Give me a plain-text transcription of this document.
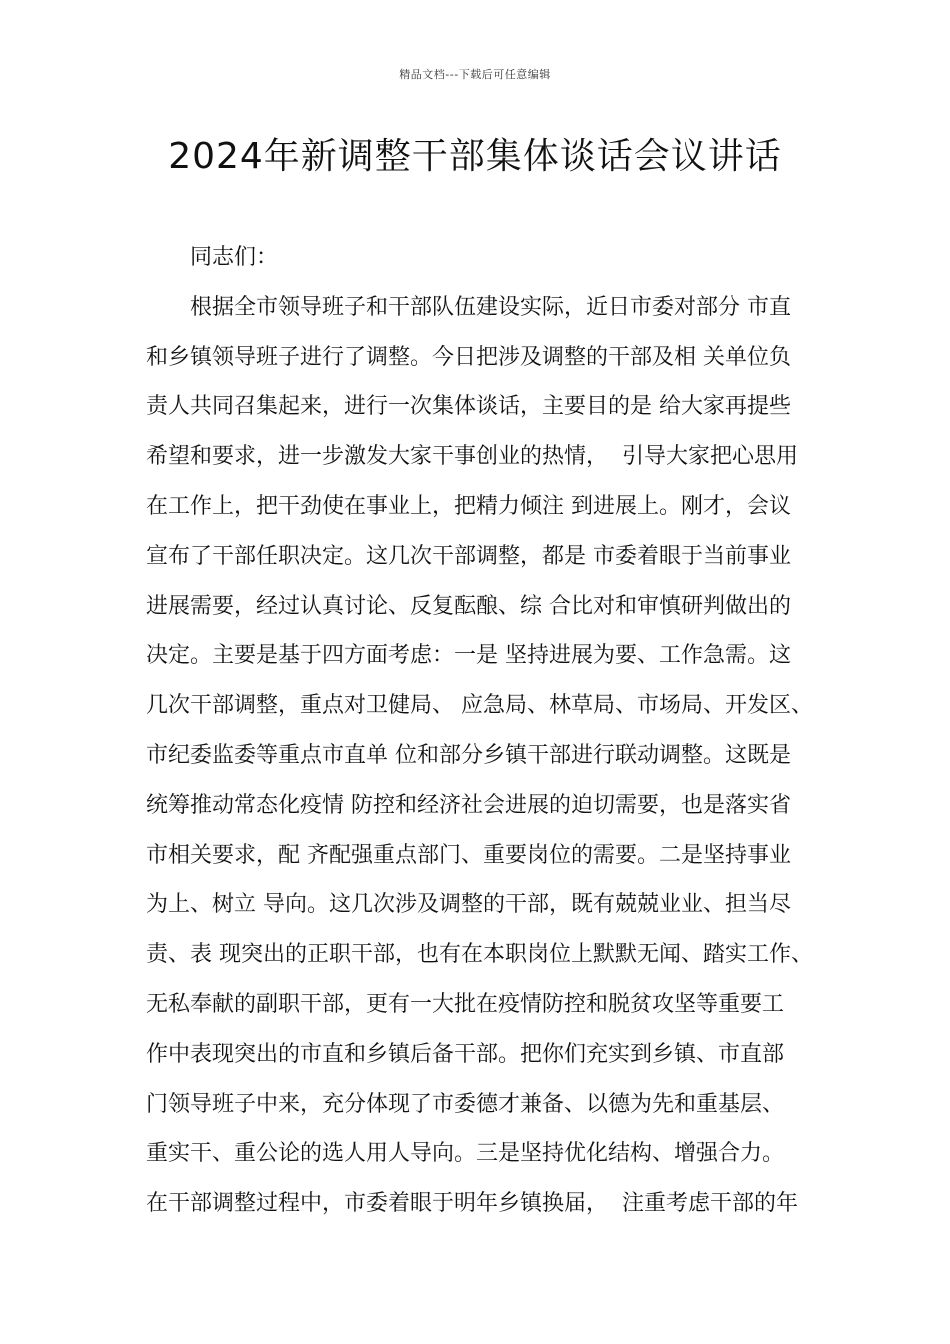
精品文档---下载后可任意编辑
2024年新调整干部集体谈话会议讲话
同志们：
根据全市领导班子和干部队伍建设实际，近日市委对部分 市直
和乡镇领导班子进行了调整。今日把涉及调整的干部及相 关单位负
责人共同召集起来，进行一次集体谈话，主要目的是 给大家再提些
希望和要求，进一步激发大家干事创业的热情，  引导大家把心思用
在工作上，把干劲使在事业上，把精力倾注 到进展上。刚才，会议
宣布了干部任职决定。这几次干部调整，都是 市委着眼于当前事业
进展需要，经过认真讨论、反复酝酿、综 合比对和审慎研判做出的
决定。主要是基于四方面考虑：一是 坚持进展为要、工作急需。这
几次干部调整，重点对卫健局、 应急局、林草局、市场局、开发区、
市纪委监委等重点市直单 位和部分乡镇干部进行联动调整。这既是
统筹推动常态化疫情 防控和经济社会进展的迫切需要，也是落实省
市相关要求，配 齐配强重点部门、重要岗位的需要。二是坚持事业
为上、树立 导向。这几次涉及调整的干部，既有兢兢业业、担当尽
责、表 现突出的正职干部，也有在本职岗位上默默无闻、踏实工作、
无私奉献的副职干部，更有一大批在疫情防控和脱贫攻坚等重要工
作中表现突出的市直和乡镇后备干部。把你们充实到乡镇、市直部
门领导班子中来，充分体现了市委德才兼备、以德为先和重基层、
重实干、重公论的选人用人导向。三是坚持优化结构、增强合力。
在干部调整过程中，市委着眼于明年乡镇换届，  注重考虑干部的年
